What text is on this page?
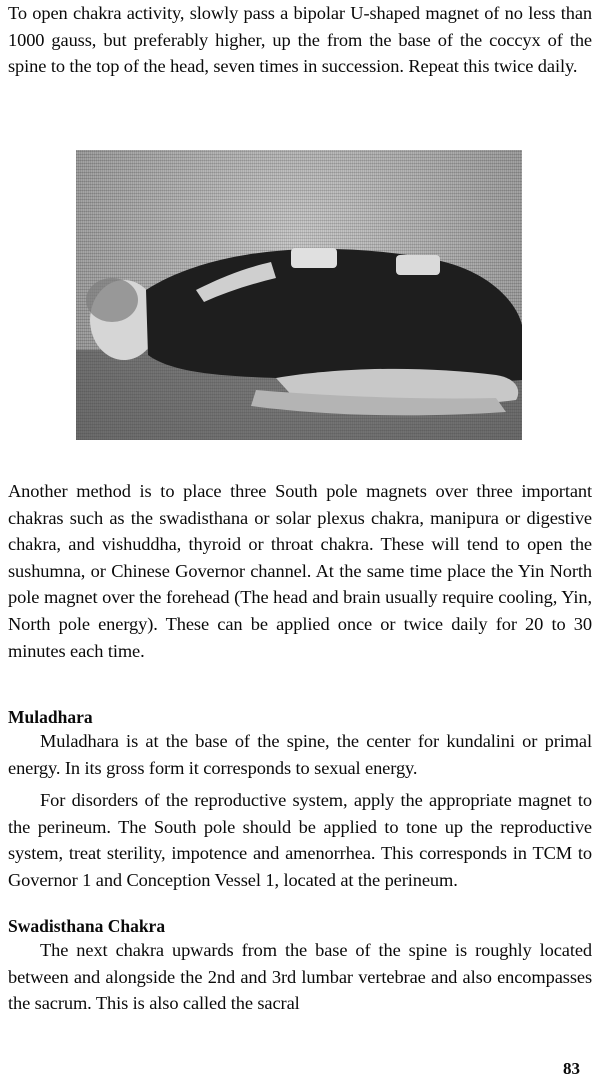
To open chakra activity, slowly pass a bipolar U-shaped magnet of no less than 1000 gauss, but preferably higher, up the from the base of the coccyx of the spine to the top of the head, seven times in succession. Repeat this twice daily.

Another method is to place three South pole magnets over three important chakras such as the swadisthana or solar plexus chakra, manipura or digestive chakra, and vishuddha, thyroid or throat chakra. These will tend to open the sushumna, or Chinese Governor channel. At the same time place the Yin North pole magnet over the forehead (The head and brain usually require cooling, Yin, North pole energy). These can be applied once or twice daily for 20 to 30 minutes each time.

Muladhara

Muladhara is at the base of the spine, the center for kundalini or primal energy. In its gross form it corresponds to sexual energy.

For disorders of the reproductive system, apply the appropriate magnet to the perineum. The South pole should be applied to tone up the reproductive system, treat sterility, impotence and amenorrhea. This corresponds in TCM to Governor 1 and Conception Vessel 1, located at the perineum.

Swadisthana Chakra

The next chakra upwards from the base of the spine is roughly located between and alongside the 2nd and 3rd lumbar vertebrae and also encompasses the sacrum. This is also called the sacral

83
